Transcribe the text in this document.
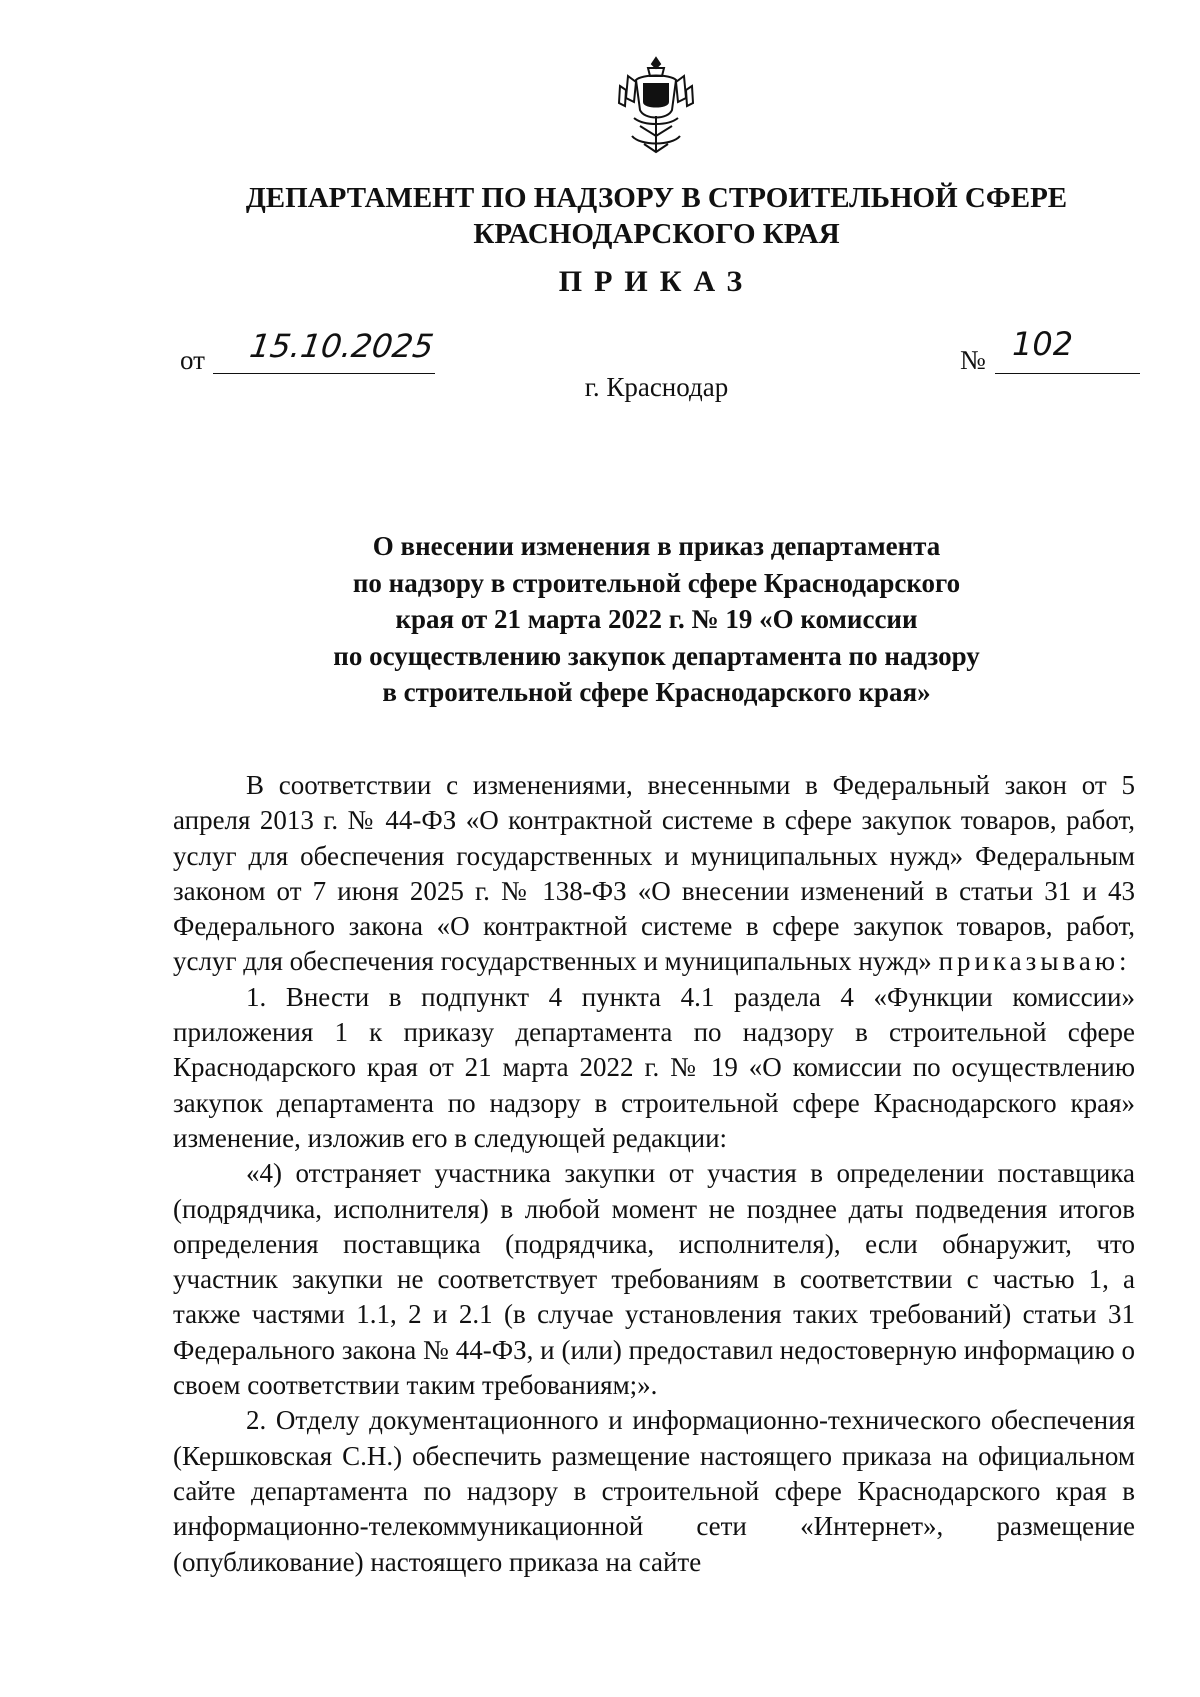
ДЕПАРТАМЕНТ ПО НАДЗОРУ В СТРОИТЕЛЬНОЙ СФЕРЕ
КРАСНОДАРСКОГО КРАЯ
ПРИКАЗ
от 15.10.2025	№ 102
г. Краснодар
О внесении изменения в приказ департамента
по надзору в строительной сфере Краснодарского
края от 21 марта 2022 г. № 19 «О комиссии
по осуществлению закупок департамента по надзору
в строительной сфере Краснодарского края»

В соответствии с изменениями, внесенными в Федеральный закон от 5 апреля 2013 г. № 44-ФЗ «О контрактной системе в сфере закупок товаров, работ, услуг для обеспечения государственных и муниципальных нужд» Федеральным законом от 7 июня 2025 г. № 138-ФЗ «О внесении изменений в статьи 31 и 43 Федерального закона «О контрактной системе в сфере закупок товаров, работ, услуг для обеспечения государственных и муниципальных нужд» приказываю:

1. Внести в подпункт 4 пункта 4.1 раздела 4 «Функции комиссии» приложения 1 к приказу департамента по надзору в строительной сфере Краснодарского края от 21 марта 2022 г. № 19 «О комиссии по осуществлению закупок департамента по надзору в строительной сфере Краснодарского края» изменение, изложив его в следующей редакции:

«4) отстраняет участника закупки от участия в определении поставщика (подрядчика, исполнителя) в любой момент не позднее даты подведения итогов определения поставщика (подрядчика, исполнителя), если обнаружит, что участник закупки не соответствует требованиям в соответствии с частью 1, а также частями 1.1, 2 и 2.1 (в случае установления таких требований) статьи 31 Федерального закона № 44-ФЗ, и (или) предоставил недостоверную информацию о своем соответствии таким требованиям;».

2. Отделу документационного и информационно-технического обеспечения (Кершковская С.Н.) обеспечить размещение настоящего приказа на официальном сайте департамента по надзору в строительной сфере Краснодарского края в информационно-телекоммуникационной сети «Интернет», размещение (опубликование) настоящего приказа на сайте
